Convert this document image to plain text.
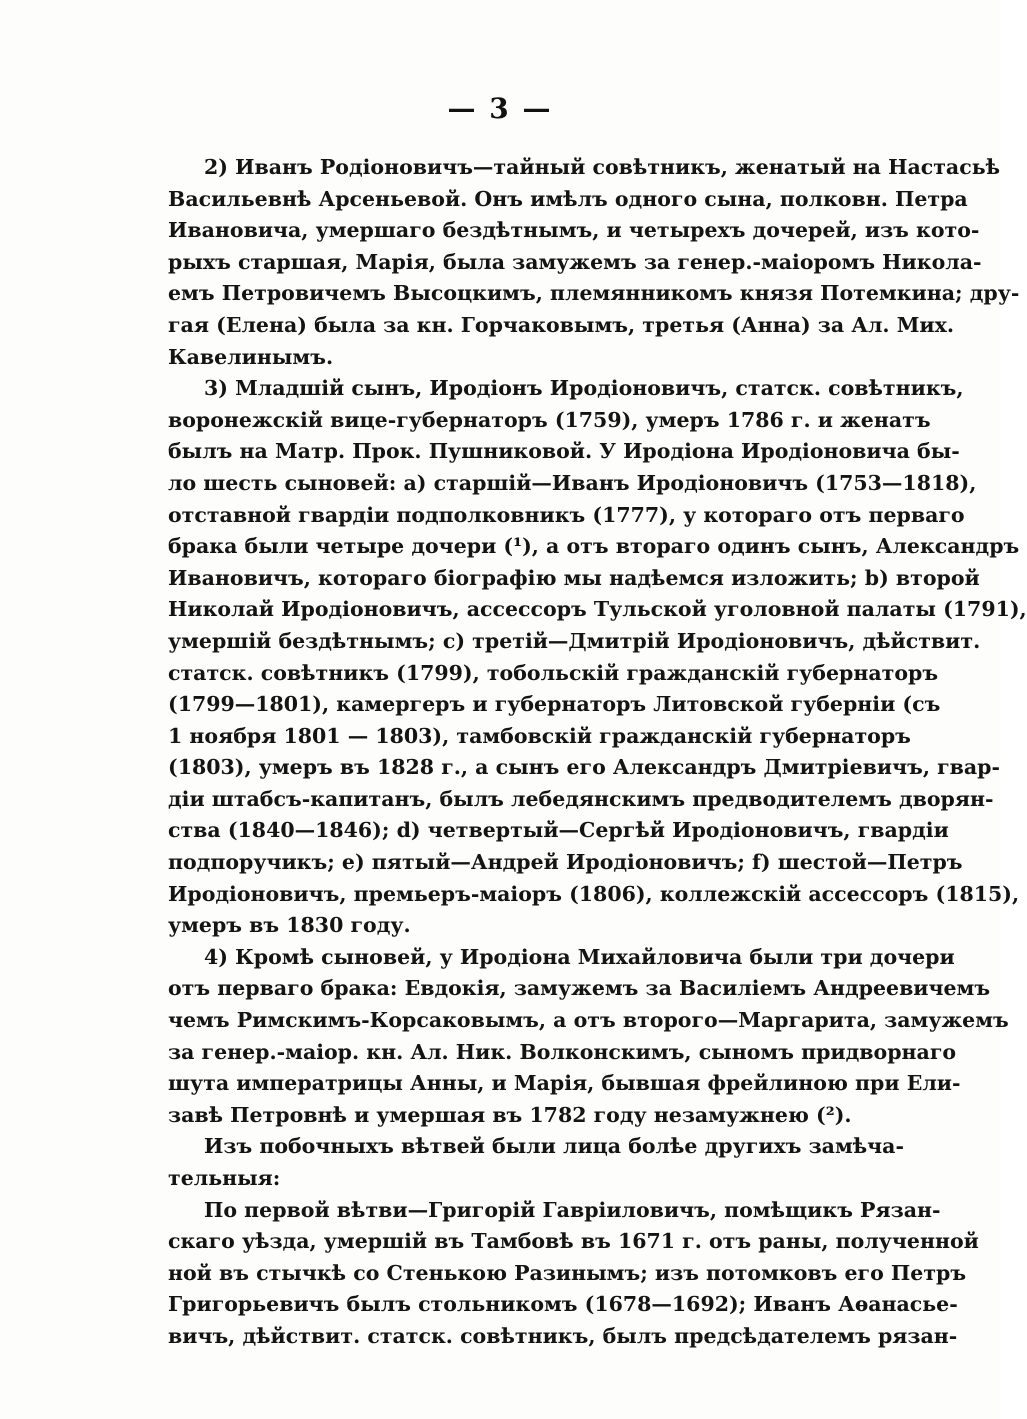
— 3 —
2) Иванъ Родіоновичъ—тайный совѣтникъ, женатый на Настасьѣ
Васильевнѣ Арсеньевой. Онъ имѣлъ одного сына, полковн. Петра
Ивановича, умершаго бездѣтнымъ, и четырехъ дочерей, изъ кото-
рыхъ старшая, Марія, была замужемъ за генер.-маіоромъ Никола-
емъ Петровичемъ Высоцкимъ, племянникомъ князя Потемкина; дру-
гая (Елена) была за кн. Горчаковымъ, третья (Анна) за Ал. Мих.
Кавелинымъ.
3) Младшій сынъ, Иродіонъ Иродіоновичъ, статск. совѣтникъ,
воронежскій вице-губернаторъ (1759), умеръ 1786 г. и женатъ
былъ на Матр. Прок. Пушниковой. У Иродіона Иродіоновича бы-
ло шесть сыновей: a) старшій—Иванъ Иродіоновичъ (1753—1818),
отставной гвардіи подполковникъ (1777), у котораго отъ перваго
брака были четыре дочери (¹), а отъ втораго одинъ сынъ, Александръ
Ивановичъ, котораго біографію мы надѣемся изложить; b) второй
Николай Иродіоновичъ, ассессоръ Тульской уголовной палаты (1791),
умершій бездѣтнымъ; c) третій—Дмитрій Иродіоновичъ, дѣйствит.
статск. совѣтникъ (1799), тобольскій гражданскій губернаторъ
(1799—1801), камергеръ и губернаторъ Литовской губерніи (съ
1 ноября 1801 — 1803), тамбовскій гражданскій губернаторъ
(1803), умеръ въ 1828 г., а сынъ его Александръ Дмитріевичъ, гвар-
діи штабсъ-капитанъ, былъ лебедянскимъ предводителемъ дворян-
ства (1840—1846); d) четвертый—Сергѣй Иродіоновичъ, гвардіи
подпоручикъ; e) пятый—Андрей Иродіоновичъ; f) шестой—Петръ
Иродіоновичъ, премьеръ-маіоръ (1806), коллежскій ассессоръ (1815),
умеръ въ 1830 году.
4) Кромѣ сыновей, у Иродіона Михайловича были три дочери
отъ перваго брака: Евдокія, замужемъ за Василіемъ Андреевичемъ
чемъ Римскимъ-Корсаковымъ, а отъ второго—Маргарита, замужемъ
за генер.-маіор. кн. Ал. Ник. Волконскимъ, сыномъ придворнаго
шута императрицы Анны, и Марія, бывшая фрейлиною при Ели-
завѣ Петровнѣ и умершая въ 1782 году незамужнею (²).
Изъ побочныхъ вѣтвей были лица болѣе другихъ замѣча-
тельныя:
По первой вѣтви—Григорій Гавріиловичъ, помѣщикъ Рязан-
скаго уѣзда, умершій въ Тамбовѣ въ 1671 г. отъ раны, полученной
ной въ стычкѣ со Стенькою Разинымъ; изъ потомковъ его Петръ
Григорьевичъ былъ стольникомъ (1678—1692); Иванъ Аѳанасье-
вичъ, дѣйствит. статск. совѣтникъ, былъ предсѣдателемъ рязан-
